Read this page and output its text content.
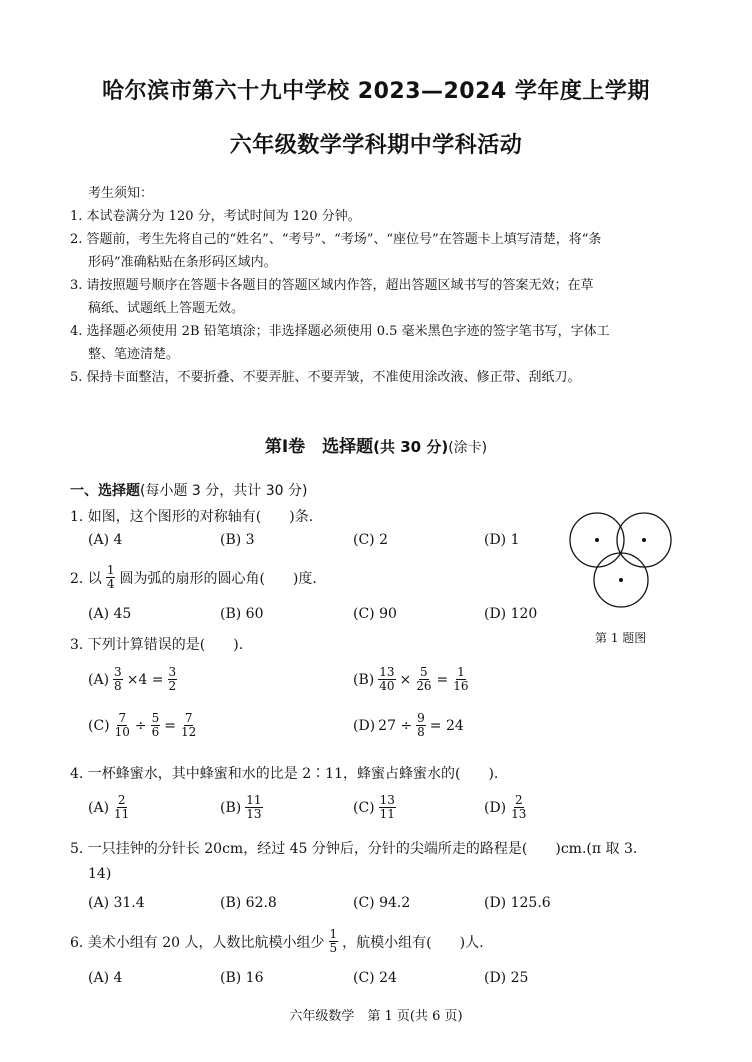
哈尔滨市第六十九中学校 2023—2024 学年度上学期
六年级数学学科期中学科活动
考生须知：
1. 本试卷满分为 120 分，考试时间为 120 分钟。
2. 答题前，考生先将自己的“姓名”、“考号”、“考场”、“座位号”在答题卡上填写清楚，将“条
形码”准确粘贴在条形码区域内。
3. 请按照题号顺序在答题卡各题目的答题区域内作答，超出答题区域书写的答案无效；在草
稿纸、试题纸上答题无效。
4. 选择题必须使用 2B 铅笔填涂；非选择题必须使用 0.5 毫米黑色字迹的签字笔书写，字体工
整、笔迹清楚。
5. 保持卡面整洁，不要折叠、不要弄脏、不要弄皱，不准使用涂改液、修正带、刮纸刀。
第Ⅰ卷　选择题(共 30 分)(涂卡)
一、选择题(每小题 3 分，共计 30 分)
第 1 题图
1. 如图，这个图形的对称轴有(　　)条.
(A) 4	(B) 3	(C) 2	(D) 1
2. 以 $\frac{1}{4}$ 圆为弧的扇形的圆心角(　　)度.
(A) 45	(B) 60	(C) 90	(D) 120
3. 下列计算错误的是(　　).
$(A) \frac{3}{8} \times 4 = \frac{3}{2}$	$(B) \frac{13}{40} \times \frac{5}{26} = \frac{1}{16}$
$(C) \frac{7}{10} \div \frac{5}{6} = \frac{7}{12}$	(D) $27 \div \frac{9}{8} = 24$
4. 一杯蜂蜜水，其中蜂蜜和水的比是 2∶11，蜂蜜占蜂蜜水的(　　).
$(A) \frac{2}{11}$	$(B) \frac{11}{13}$	$(C) \frac{13}{11}$	$(D) \frac{2}{13}$
5. 一只挂钟的分针长 20cm，经过 45 分钟后，分针的尖端所走的路程是(　　)cm.(π 取 3.
14)
(A) 31.4	(B) 62.8	(C) 94.2	(D) 125.6
6. 美术小组有 20 人，人数比航模小组少 $\frac{1}{5}$ ，航模小组有(　　)人.
(A) 4	(B) 16	(C) 24	(D) 25
六年级数学　第 1 页(共 6 页)
